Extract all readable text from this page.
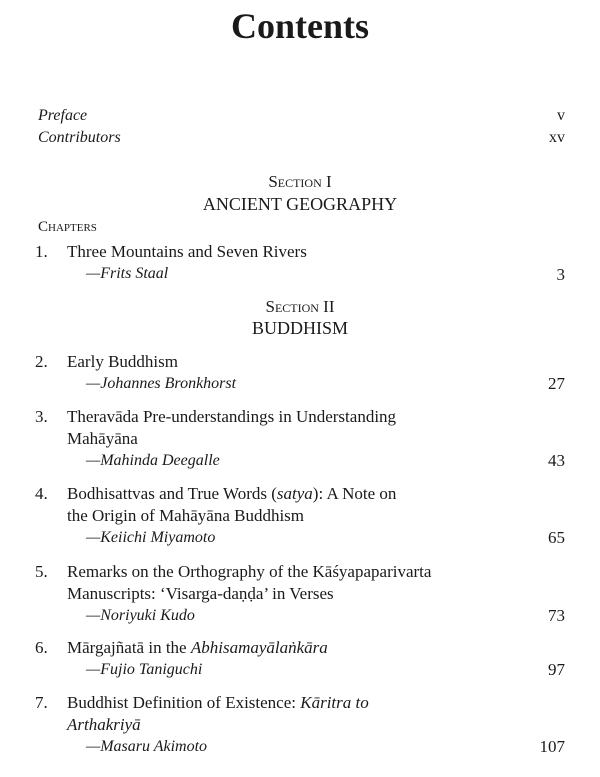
Contents
Preface	v
Contributors	xv
Section I
ANCIENT GEOGRAPHY
Chapters
1. Three Mountains and Seven Rivers
—Frits Staal	3
Section II
BUDDHISM
2. Early Buddhism
—Johannes Bronkhorst	27
3. Theravāda Pre-understandings in Understanding
Mahāyāna
—Mahinda Deegalle	43
4. Bodhisattvas and True Words (satya): A Note on
the Origin of Mahāyāna Buddhism
—Keiichi Miyamoto	65
5. Remarks on the Orthography of the Kāśyapaparivarta
Manuscripts: ‘Visarga-daṇḍa’ in Verses
—Noriyuki Kudo	73
6. Mārgajñatā in the Abhisamayālaṅkāra
—Fujio Taniguchi	97
7. Buddhist Definition of Existence: Kāritra to
Arthakriyā
—Masaru Akimoto	107
